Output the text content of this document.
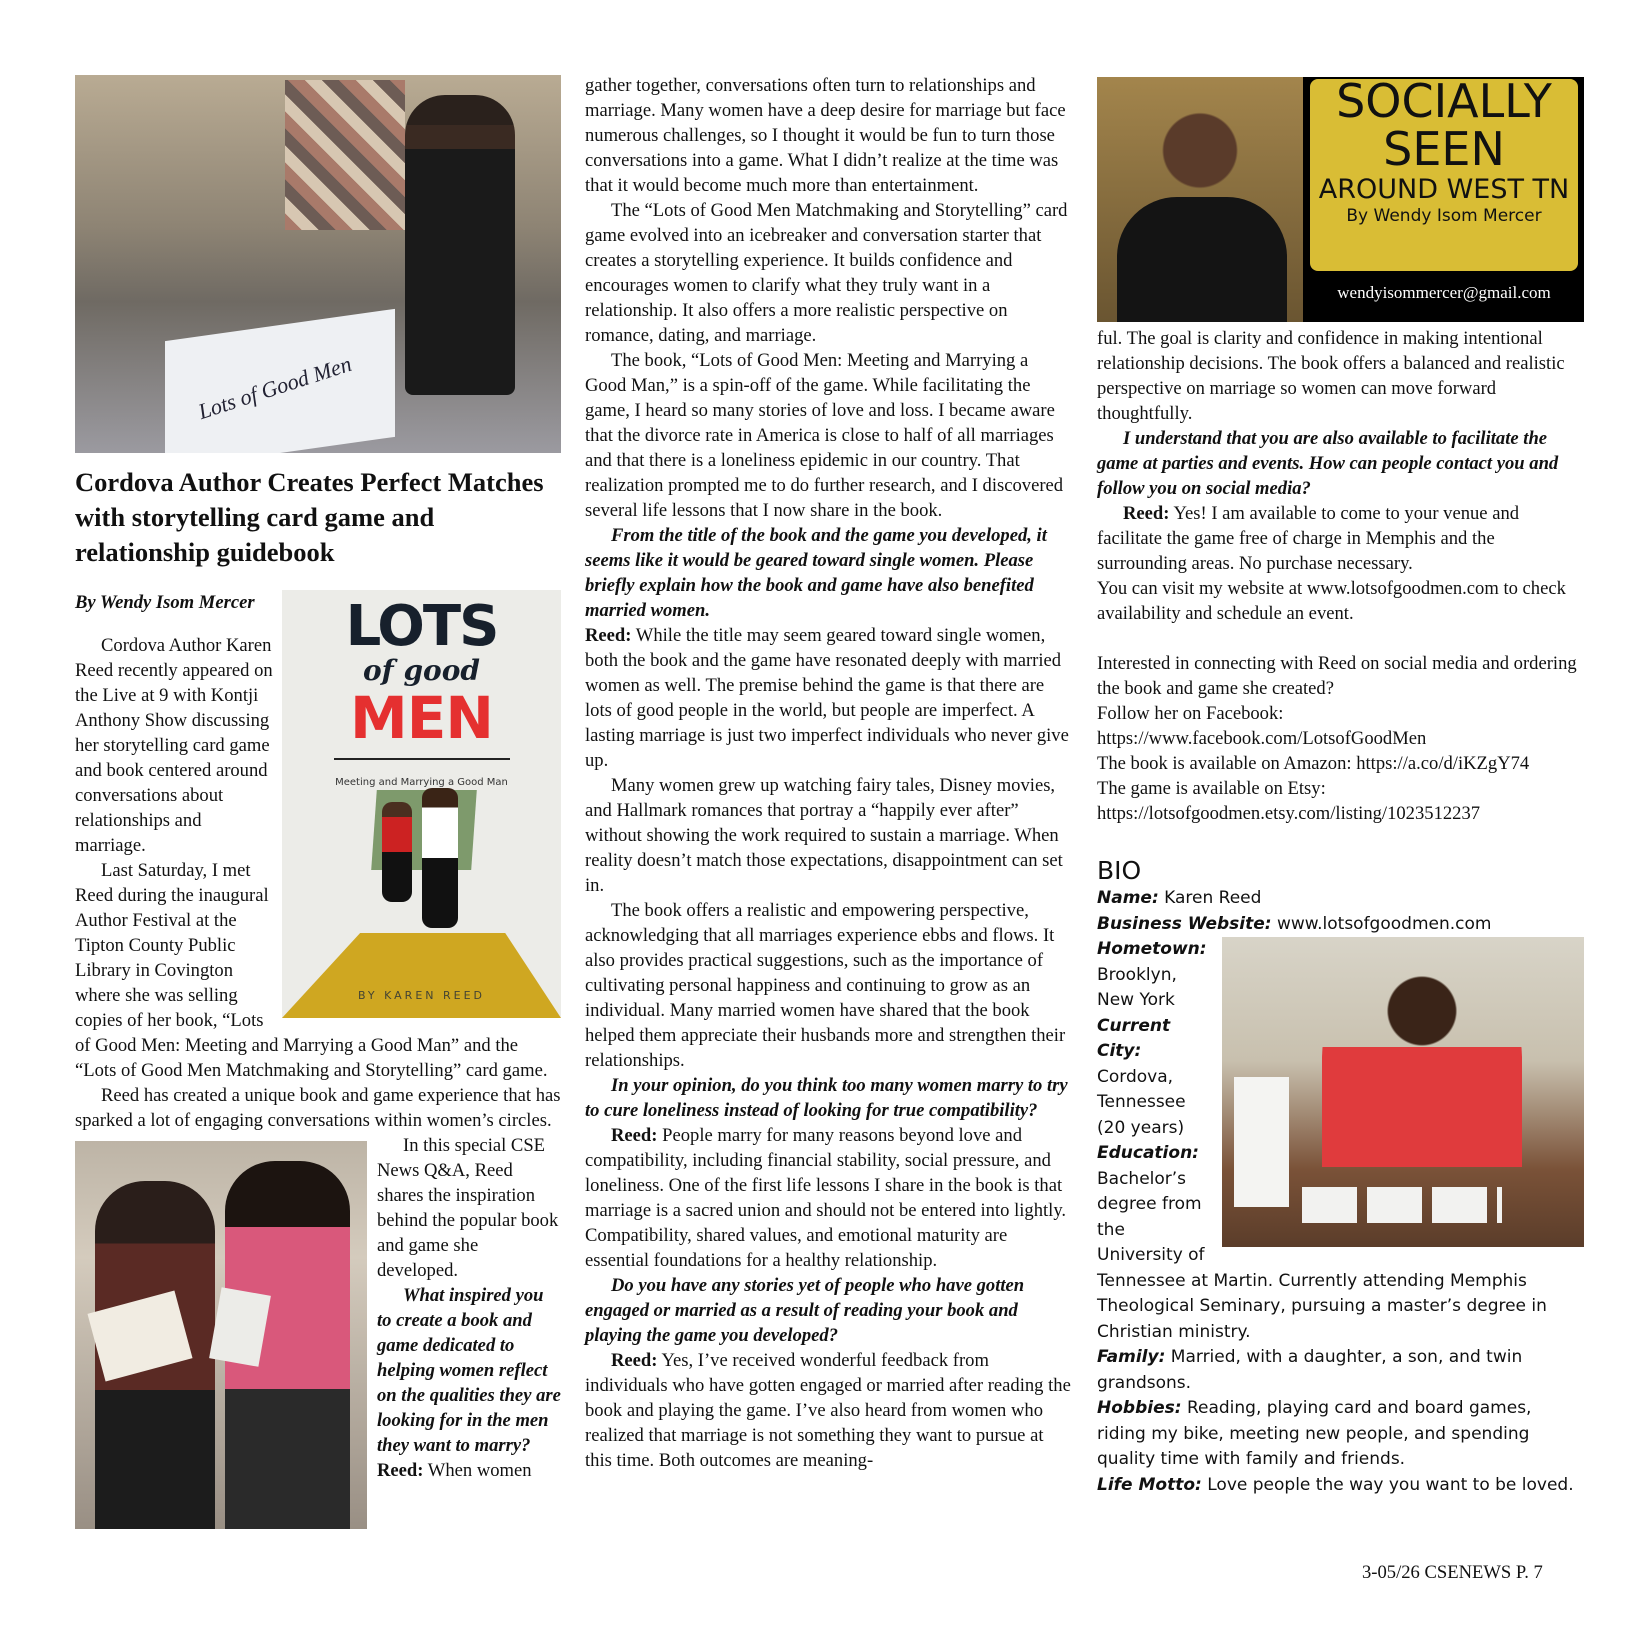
Lots of Good Men
Cordova Author Creates Perfect Matches with storytelling card game and relationship guidebook
LOTS
of good
MEN
Meeting and Marrying a Good Man
BY KAREN REED

By Wendy Isom Mercer

Cordova Author Karen Reed recently appeared on the Live at 9 with Kontji Anthony Show discussing her storytelling card game and book centered around conversations about relationships and marriage.

Last Saturday, I met Reed during the inaugural Author Festival at the Tipton County Public Library in Covington where she was selling copies of her book, “Lots of Good Men: Meeting and Marrying a Good Man” and the “Lots of Good Men Matchmaking and Storytelling” card game.

Reed has created a unique book and game experience that has sparked a lot of engaging conversations within women’s circles.

In this special CSE News Q&A, Reed shares the inspiration behind the popular book and game she developed.

What inspired you to create a book and game dedicated to helping women reflect on the qualities they are looking for in the men they want to marry?

Reed: When women

gather together, conversations often turn to relationships and marriage. Many women have a deep desire for marriage but face numerous challenges, so I thought it would be fun to turn those conversations into a game. What I didn’t realize at the time was that it would become much more than entertainment.

The “Lots of Good Men Matchmaking and Storytelling” card game evolved into an icebreaker and conversation starter that creates a storytelling experience. It builds confidence and encourages women to clarify what they truly want in a relationship. It also offers a more realistic perspective on romance, dating, and marriage.

The book, “Lots of Good Men: Meeting and Marrying a Good Man,” is a spin-off of the game. While facilitating the game, I heard so many stories of love and loss. I became aware that the divorce rate in America is close to half of all marriages and that there is a loneliness epidemic in our country. That realization prompted me to do further research, and I discovered several life lessons that I now share in the book.

From the title of the book and the game you developed, it seems like it would be geared toward single women. Please briefly explain how the book and game have also benefited married women.

Reed: While the title may seem geared toward single women, both the book and the game have resonated deeply with married women as well. The premise behind the game is that there are lots of good people in the world, but people are imperfect. A lasting marriage is just two imperfect individuals who never give up.

Many women grew up watching fairy tales, Disney movies, and Hallmark romances that portray a “happily ever after” without showing the work required to sustain a marriage. When reality doesn’t match those expectations, disappointment can set in.

The book offers a realistic and empowering perspective, acknowledging that all marriages experience ebbs and flows. It also provides practical suggestions, such as the importance of cultivating personal happiness and continuing to grow as an individual. Many married women have shared that the book helped them appreciate their husbands more and strengthen their relationships.

In your opinion, do you think too many women marry to try to cure loneliness instead of looking for true compatibility?

Reed: People marry for many reasons beyond love and compatibility, including financial stability, social pressure, and loneliness. One of the first life lessons I share in the book is that marriage is a sacred union and should not be entered into lightly. Compatibility, shared values, and emotional maturity are essential foundations for a healthy relationship.

Do you have any stories yet of people who have gotten engaged or married as a result of reading your book and playing the game you developed?

Reed: Yes, I’ve received wonderful feedback from individuals who have gotten engaged or married after reading the book and playing the game. I’ve also heard from women who realized that marriage is not something they want to pursue at this time. Both outcomes are meaning-

SOCIALLY
SEEN
AROUND WEST TN
By Wendy Isom Mercer
wendyisommercer@gmail.com

ful. The goal is clarity and confidence in making intentional relationship decisions. The book offers a balanced and realistic perspective on marriage so women can move forward thoughtfully.

I understand that you are also available to facilitate the game at parties and events. How can people contact you and follow you on social media?

Reed: Yes! I am available to come to your venue and facilitate the game free of charge in Memphis and the surrounding areas. No purchase necessary.

You can visit my website at www.lotsofgoodmen.com to check availability and schedule an event.

Interested in connecting with Reed on social media and ordering the book and game she created?

Follow her on Facebook: https://www.facebook.com/LotsofGoodMen

The book is available on Amazon: https://a.co/d/iKZgY74

The game is available on Etsy: https://lotsofgoodmen.etsy.com/listing/1023512237

BIO
Name: Karen Reed
Business Website: www.lotsofgoodmen.com
Hometown: Brooklyn, New York
Current City: Cordova, Tennessee (20 years)
Education: Bachelor’s degree from the University of Tennessee at Martin. Currently attending Memphis Theological Seminary, pursuing a master’s degree in Christian ministry.
Family: Married, with a daughter, a son, and twin grandsons.
Hobbies: Reading, playing card and board games, riding my bike, meeting new people, and spending quality time with family and friends.
Life Motto: Love people the way you want to be loved.
3-05/26 CSENEWS P. 7
